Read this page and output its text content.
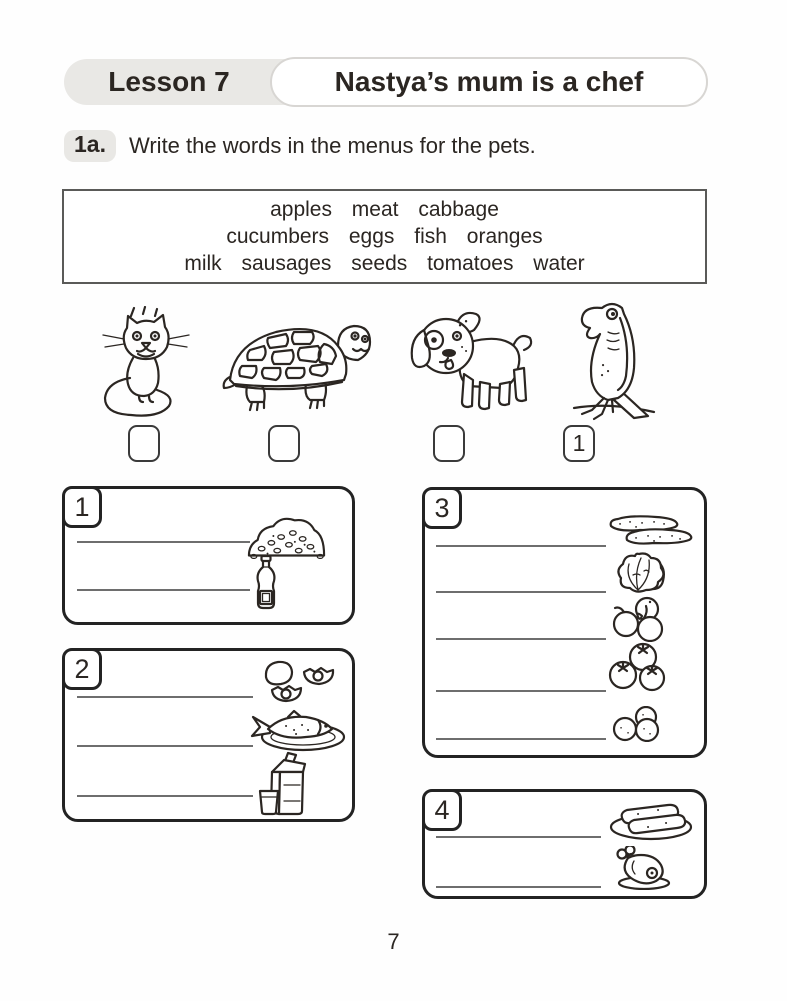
Lesson 7	Nastya’s mum is a chef
1a.	Write the words in the menus for the pets.
apples meat cabbage
cucumbers eggs fish oranges
milk sausages seeds tomatoes water
1
1
2
3
4
7
